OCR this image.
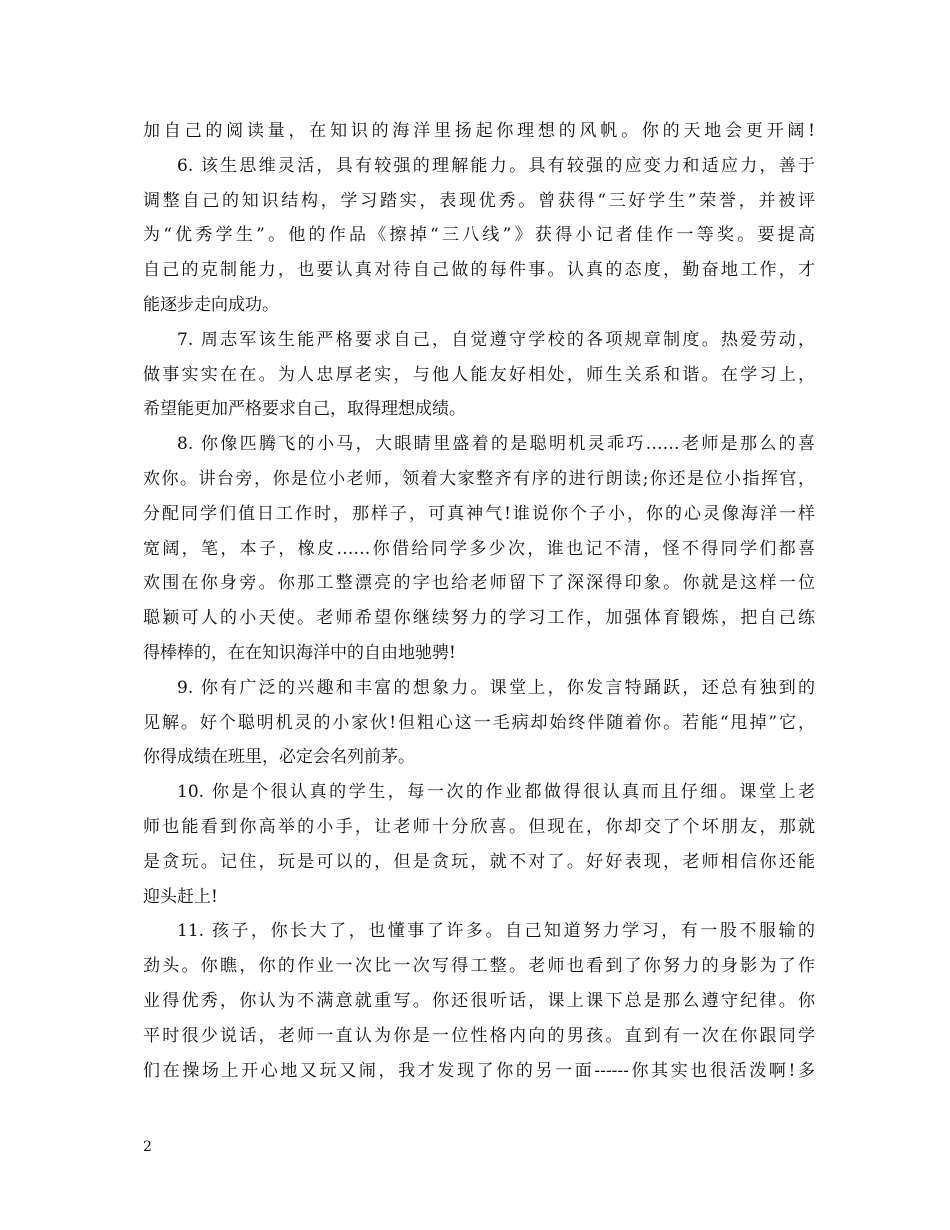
加自己的阅读量，在知识的海洋里扬起你理想的风帆。你的天地会更开阔!
6. 该生思维灵活，具有较强的理解能力。具有较强的应变力和适应力，善于
调整自己的知识结构，学习踏实，表现优秀。曾获得“三好学生”荣誉，并被评
为“优秀学生”。他的作品《擦掉“三八线”》获得小记者佳作一等奖。要提高
自己的克制能力，也要认真对待自己做的每件事。认真的态度，勤奋地工作，才
能逐步走向成功。
7. 周志军该生能严格要求自己，自觉遵守学校的各项规章制度。热爱劳动，
做事实实在在。为人忠厚老实，与他人能友好相处，师生关系和谐。在学习上，
希望能更加严格要求自己，取得理想成绩。
8. 你像匹腾飞的小马，大眼睛里盛着的是聪明机灵乖巧……老师是那么的喜
欢你。讲台旁，你是位小老师，领着大家整齐有序的进行朗读;你还是位小指挥官，
分配同学们值日工作时，那样子，可真神气!谁说你个子小，你的心灵像海洋一样
宽阔，笔，本子，橡皮……你借给同学多少次，谁也记不清，怪不得同学们都喜
欢围在你身旁。你那工整漂亮的字也给老师留下了深深得印象。你就是这样一位
聪颖可人的小天使。老师希望你继续努力的学习工作，加强体育锻炼，把自己练
得棒棒的，在在知识海洋中的自由地驰骋!
9. 你有广泛的兴趣和丰富的想象力。课堂上，你发言特踊跃，还总有独到的
见解。好个聪明机灵的小家伙!但粗心这一毛病却始终伴随着你。若能“甩掉”它，
你得成绩在班里，必定会名列前茅。
10. 你是个很认真的学生，每一次的作业都做得很认真而且仔细。课堂上老
师也能看到你高举的小手，让老师十分欣喜。但现在，你却交了个坏朋友，那就
是贪玩。记住，玩是可以的，但是贪玩，就不对了。好好表现，老师相信你还能
迎头赶上!
11. 孩子，你长大了，也懂事了许多。自己知道努力学习，有一股不服输的
劲头。你瞧，你的作业一次比一次写得工整。老师也看到了你努力的身影为了作
业得优秀，你认为不满意就重写。你还很听话，课上课下总是那么遵守纪律。你
平时很少说话，老师一直认为你是一位性格内向的男孩。直到有一次在你跟同学
们在操场上开心地又玩又闹，我才发现了你的另一面------你其实也很活泼啊!多
2
